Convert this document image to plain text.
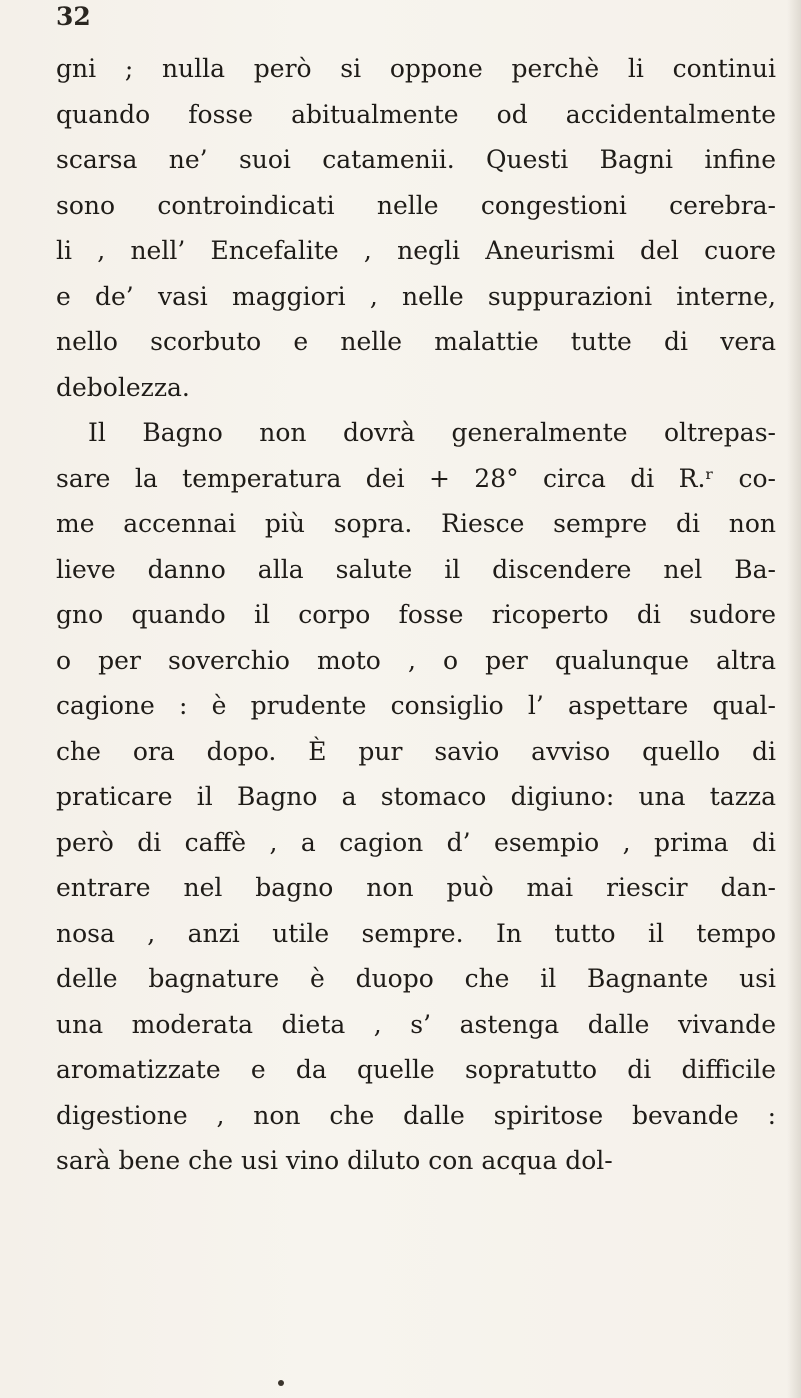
32
gni ; nulla però si oppone perchè li continui
quando fosse abitualmente od accidentalmente
scarsa ne’ suoi catamenii. Questi Bagni infine
sono controindicati nelle congestioni cerebra-
li , nell’ Encefalite , negli Aneurismi del cuore
e de’ vasi maggiori , nelle suppurazioni interne,
nello scorbuto e nelle malattie tutte di vera
debolezza.
Il Bagno non dovrà generalmente oltrepas-
sare la temperatura dei + 28° circa di R.ʳ co-
me accennai più sopra. Riesce sempre di non
lieve danno alla salute il discendere nel Ba-
gno quando il corpo fosse ricoperto di sudore
o per soverchio moto , o per qualunque altra
cagione : è prudente consiglio l’ aspettare qual-
che ora dopo. È pur savio avviso quello di
praticare il Bagno a stomaco digiuno: una tazza
però di caffè , a cagion d’ esempio , prima di
entrare nel bagno non può mai riescir dan-
nosa , anzi utile sempre. In tutto il tempo
delle bagnature è duopo che il Bagnante usi
una moderata dieta , s’ astenga dalle vivande
aromatizzate e da quelle sopratutto di difficile
digestione , non che dalle spiritose bevande :
sarà bene che usi vino diluto con acqua dol-
